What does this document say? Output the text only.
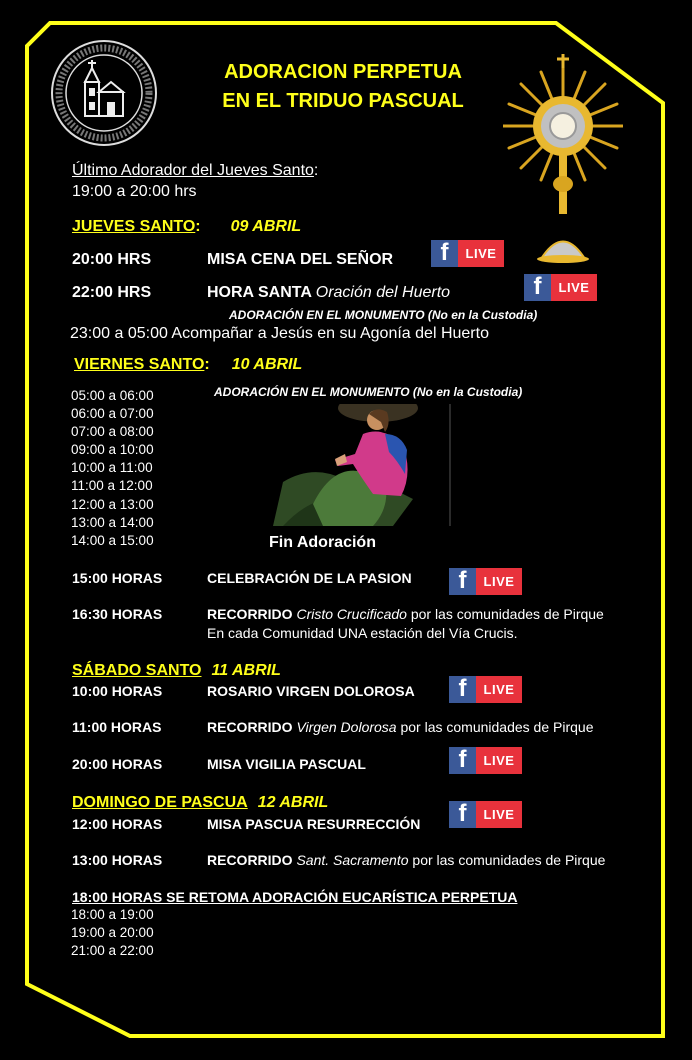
ADORACION PERPETUA
EN EL TRIDUO PASCUAL
Último Adorador del Jueves Santo:
19:00 a 20:00 hrs
JUEVES SANTO: 09 ABRIL
20:00 HRS	MISA CENA DEL SEÑOR	f	LIVE
22:00 HRS	HORA SANTA Oración del Huerto	f	LIVE
ADORACIÓN EN EL MONUMENTO (No en la Custodia)
23:00 a 05:00 Acompañar a Jesús en su Agonía del Huerto
VIERNES SANTO: 10 ABRIL
ADORACIÓN EN EL MONUMENTO (No en la Custodia)
05:00 a 06:00
06:00 a 07:00
07:00 a 08:00
09:00 a 10:00
10:00 a 11:00
11:00 a 12:00
12:00 a 13:00
13:00 a 14:00
14:00 a 15:00	Fin Adoración
15:00 HORAS	CELEBRACIÓN DE LA PASION	f	LIVE
16:30 HORAS	RECORRIDO Cristo Crucificado por las comunidades de Pirque
En cada Comunidad UNA estación del Vía Crucis.
SÁBADO SANTO 11 ABRIL
10:00 HORAS	ROSARIO VIRGEN DOLOROSA	f	LIVE
11:00 HORAS	RECORRIDO Virgen Dolorosa por las comunidades de Pirque
20:00 HORAS	MISA VIGILIA PASCUAL	f	LIVE
DOMINGO DE PASCUA 12 ABRIL
12:00 HORAS	MISA PASCUA RESURRECCIÓN	f	LIVE
13:00 HORAS	RECORRIDO Sant. Sacramento por las comunidades de Pirque
18:00 HORAS SE RETOMA ADORACIÓN EUCARÍSTICA PERPETUA
18:00 a 19:00
19:00 a 20:00
21:00 a 22:00
